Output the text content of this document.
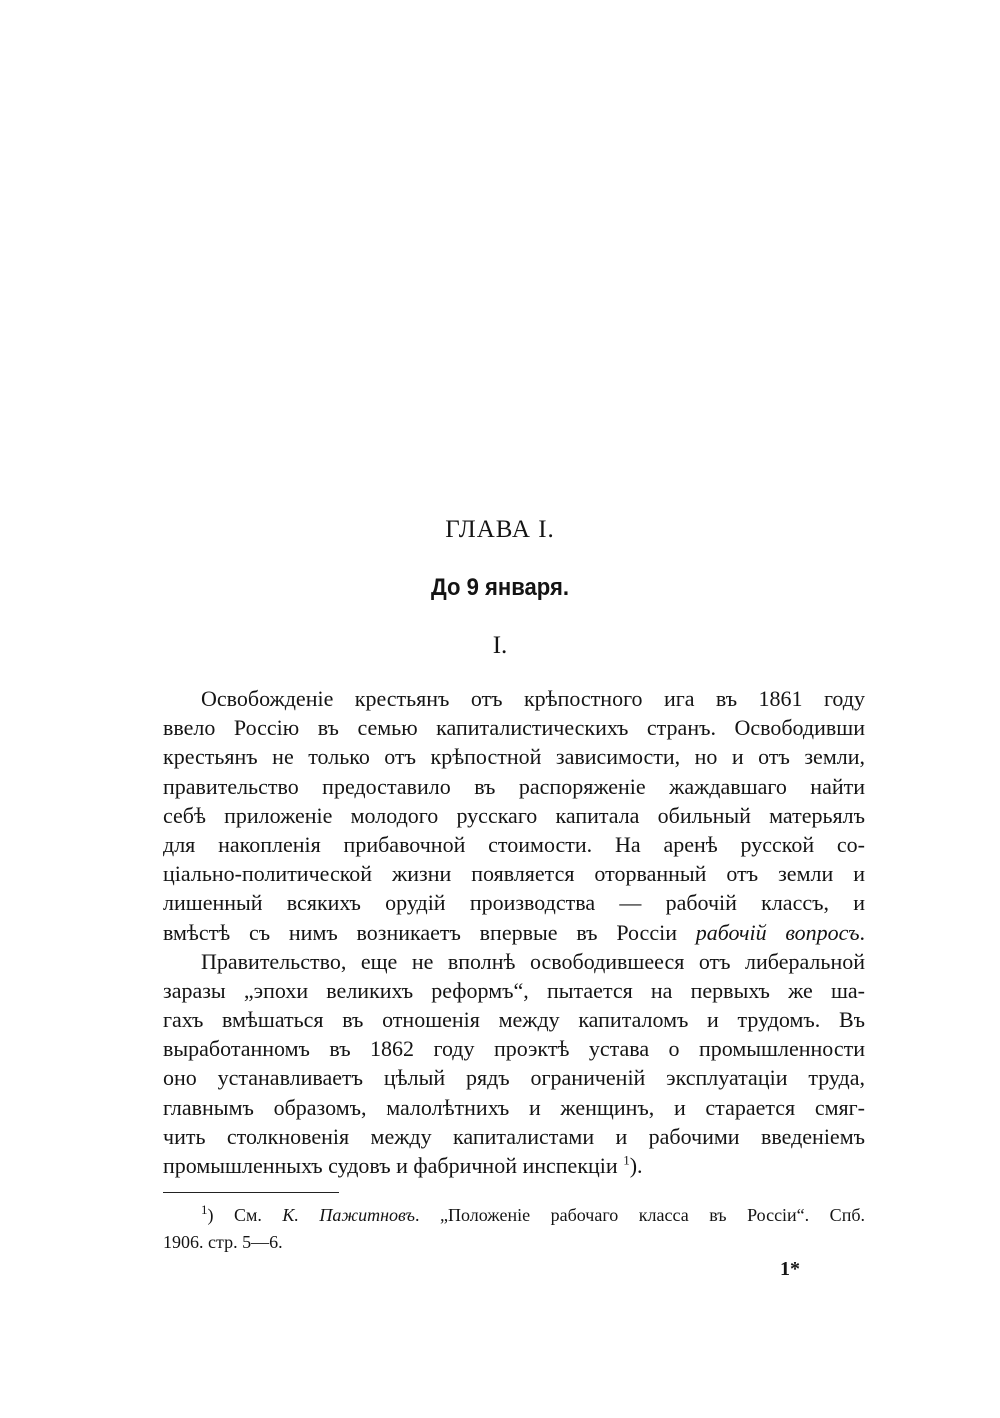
ГЛАВА I.
До 9 января.
I.
Освобожденіе крестьянъ отъ крѣпостного ига въ 1861 году
ввело Россію въ семью капиталистическихъ странъ. Освободивши
крестьянъ не только отъ крѣпостной зависимости, но и отъ земли,
правительство предоставило въ распоряженіе жаждавшаго найти
себѣ приложеніе молодого русскаго капитала обильный матерьялъ
для накопленія прибавочной стоимости. На аренѣ русской со-
ціально-политической жизни появляется оторванный отъ земли и
лишенный всякихъ орудій производства — рабочій классъ, и
вмѣстѣ съ нимъ возникаетъ впервые въ Россіи рабочій вопросъ.
Правительство, еще не вполнѣ освободившееся отъ либеральной
заразы „эпохи великихъ реформъ“, пытается на первыхъ же ша-
гахъ вмѣшаться въ отношенія между капиталомъ и трудомъ. Въ
выработанномъ въ 1862 году проэктѣ устава о промышленности
оно устанавливаетъ цѣлый рядъ ограниченій эксплуатаціи труда,
главнымъ образомъ, малолѣтнихъ и женщинъ, и старается смяг-
чить столкновенія между капиталистами и рабочими введеніемъ
промышленныхъ судовъ и фабричной инспекціи $^1$).
$^1$) См. К. Пажитновъ. „Положеніе рабочаго класса въ Россіи“. Спб.
1906. стр. 5—6.
1*
